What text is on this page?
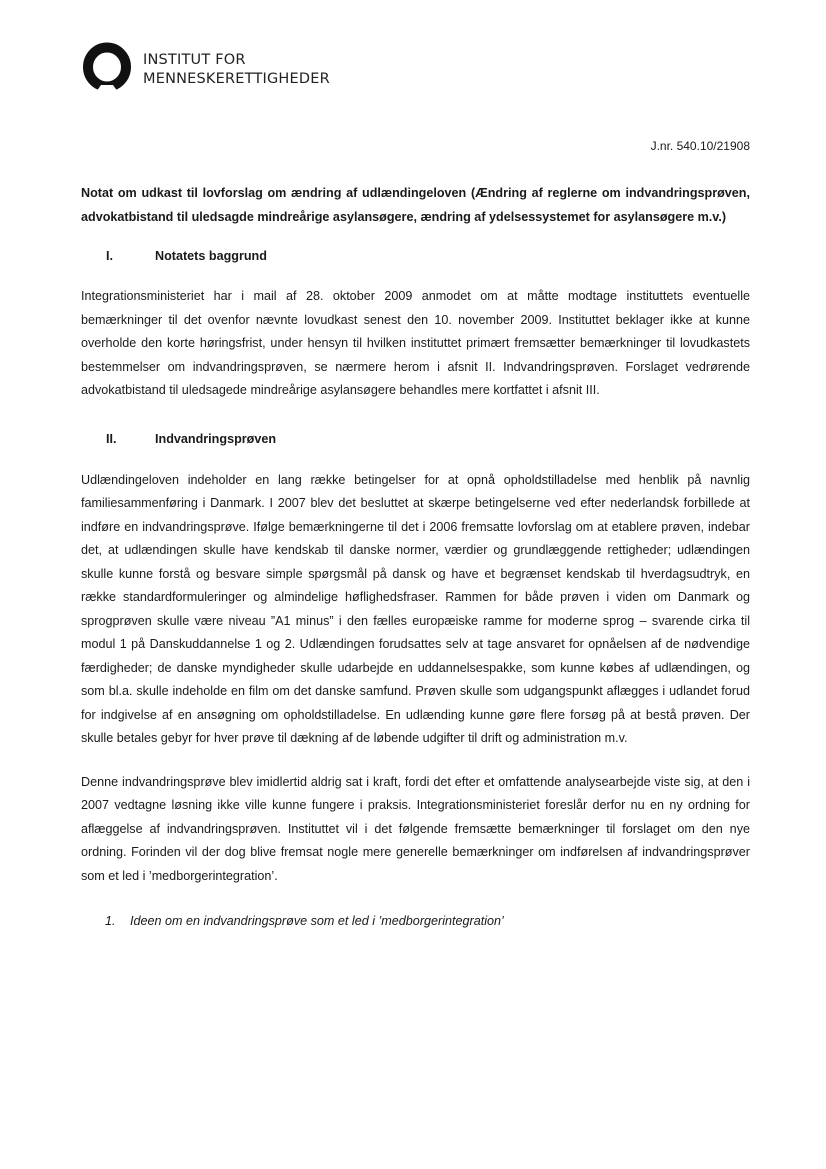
INSTITUT FOR
MENNESKERETTIGHEDER
J.nr. 540.10/21908

Notat om udkast til lovforslag om ændring af udlændingeloven (Ændring af reglerne om indvandringsprøven, advokatbistand til uledsagde mindreårige asylansøgere, ændring af ydelsessystemet for asylansøgere m.v.)

I.	Notatets baggrund

Integrationsministeriet har i mail af 28. oktober 2009 anmodet om at måtte modtage instituttets eventuelle bemærkninger til det ovenfor nævnte lovudkast senest den 10. november 2009. Instituttet beklager ikke at kunne overholde den korte høringsfrist, under hensyn til hvilken instituttet primært fremsætter bemærkninger til lovudkastets bestemmelser om indvandringsprøven, se nærmere herom i afsnit II. Indvandringsprøven. Forslaget vedrørende advokatbistand til uledsagede mindreårige asylansøgere behandles mere kortfattet i afsnit III.

II.	Indvandringsprøven

Udlændingeloven indeholder en lang række betingelser for at opnå opholdstilladelse med henblik på navnlig familiesammenføring i Danmark. I 2007 blev det besluttet at skærpe betingelserne ved efter nederlandsk forbillede at indføre en indvandringsprøve. Ifølge bemærkningerne til det i 2006 fremsatte lovforslag om at etablere prøven, indebar det, at udlændingen skulle have kendskab til danske normer, værdier og grundlæggende rettigheder; udlændingen skulle kunne forstå og besvare simple spørgsmål på dansk og have et begrænset kendskab til hverdagsudtryk, en række standardformuleringer og almindelige høflighedsfraser. Rammen for både prøven i viden om Danmark og sprogprøven skulle være niveau ”A1 minus” i den fælles europæiske ramme for moderne sprog – svarende cirka til modul 1 på Danskuddannelse 1 og 2. Udlændingen forudsattes selv at tage ansvaret for opnåelsen af de nødvendige færdigheder; de danske myndigheder skulle udarbejde en uddannelsespakke, som kunne købes af udlændingen, og som bl.a. skulle indeholde en film om det danske samfund. Prøven skulle som udgangspunkt aflægges i udlandet forud for indgivelse af en ansøgning om opholdstilladelse. En udlænding kunne gøre flere forsøg på at bestå prøven. Der skulle betales gebyr for hver prøve til dækning af de løbende udgifter til drift og administration m.v.

Denne indvandringsprøve blev imidlertid aldrig sat i kraft, fordi det efter et omfattende analysearbejde viste sig, at den i 2007 vedtagne løsning ikke ville kunne fungere i praksis. Integrationsministeriet foreslår derfor nu en ny ordning for aflæggelse af indvandringsprøven. Instituttet vil i det følgende fremsætte bemærkninger til forslaget om den nye ordning. Forinden vil der dog blive fremsat nogle mere generelle bemærkninger om indførelsen af indvandringsprøver som et led i ’medborgerintegration’.

1.	Ideen om en indvandringsprøve som et led i ’medborgerintegration’
